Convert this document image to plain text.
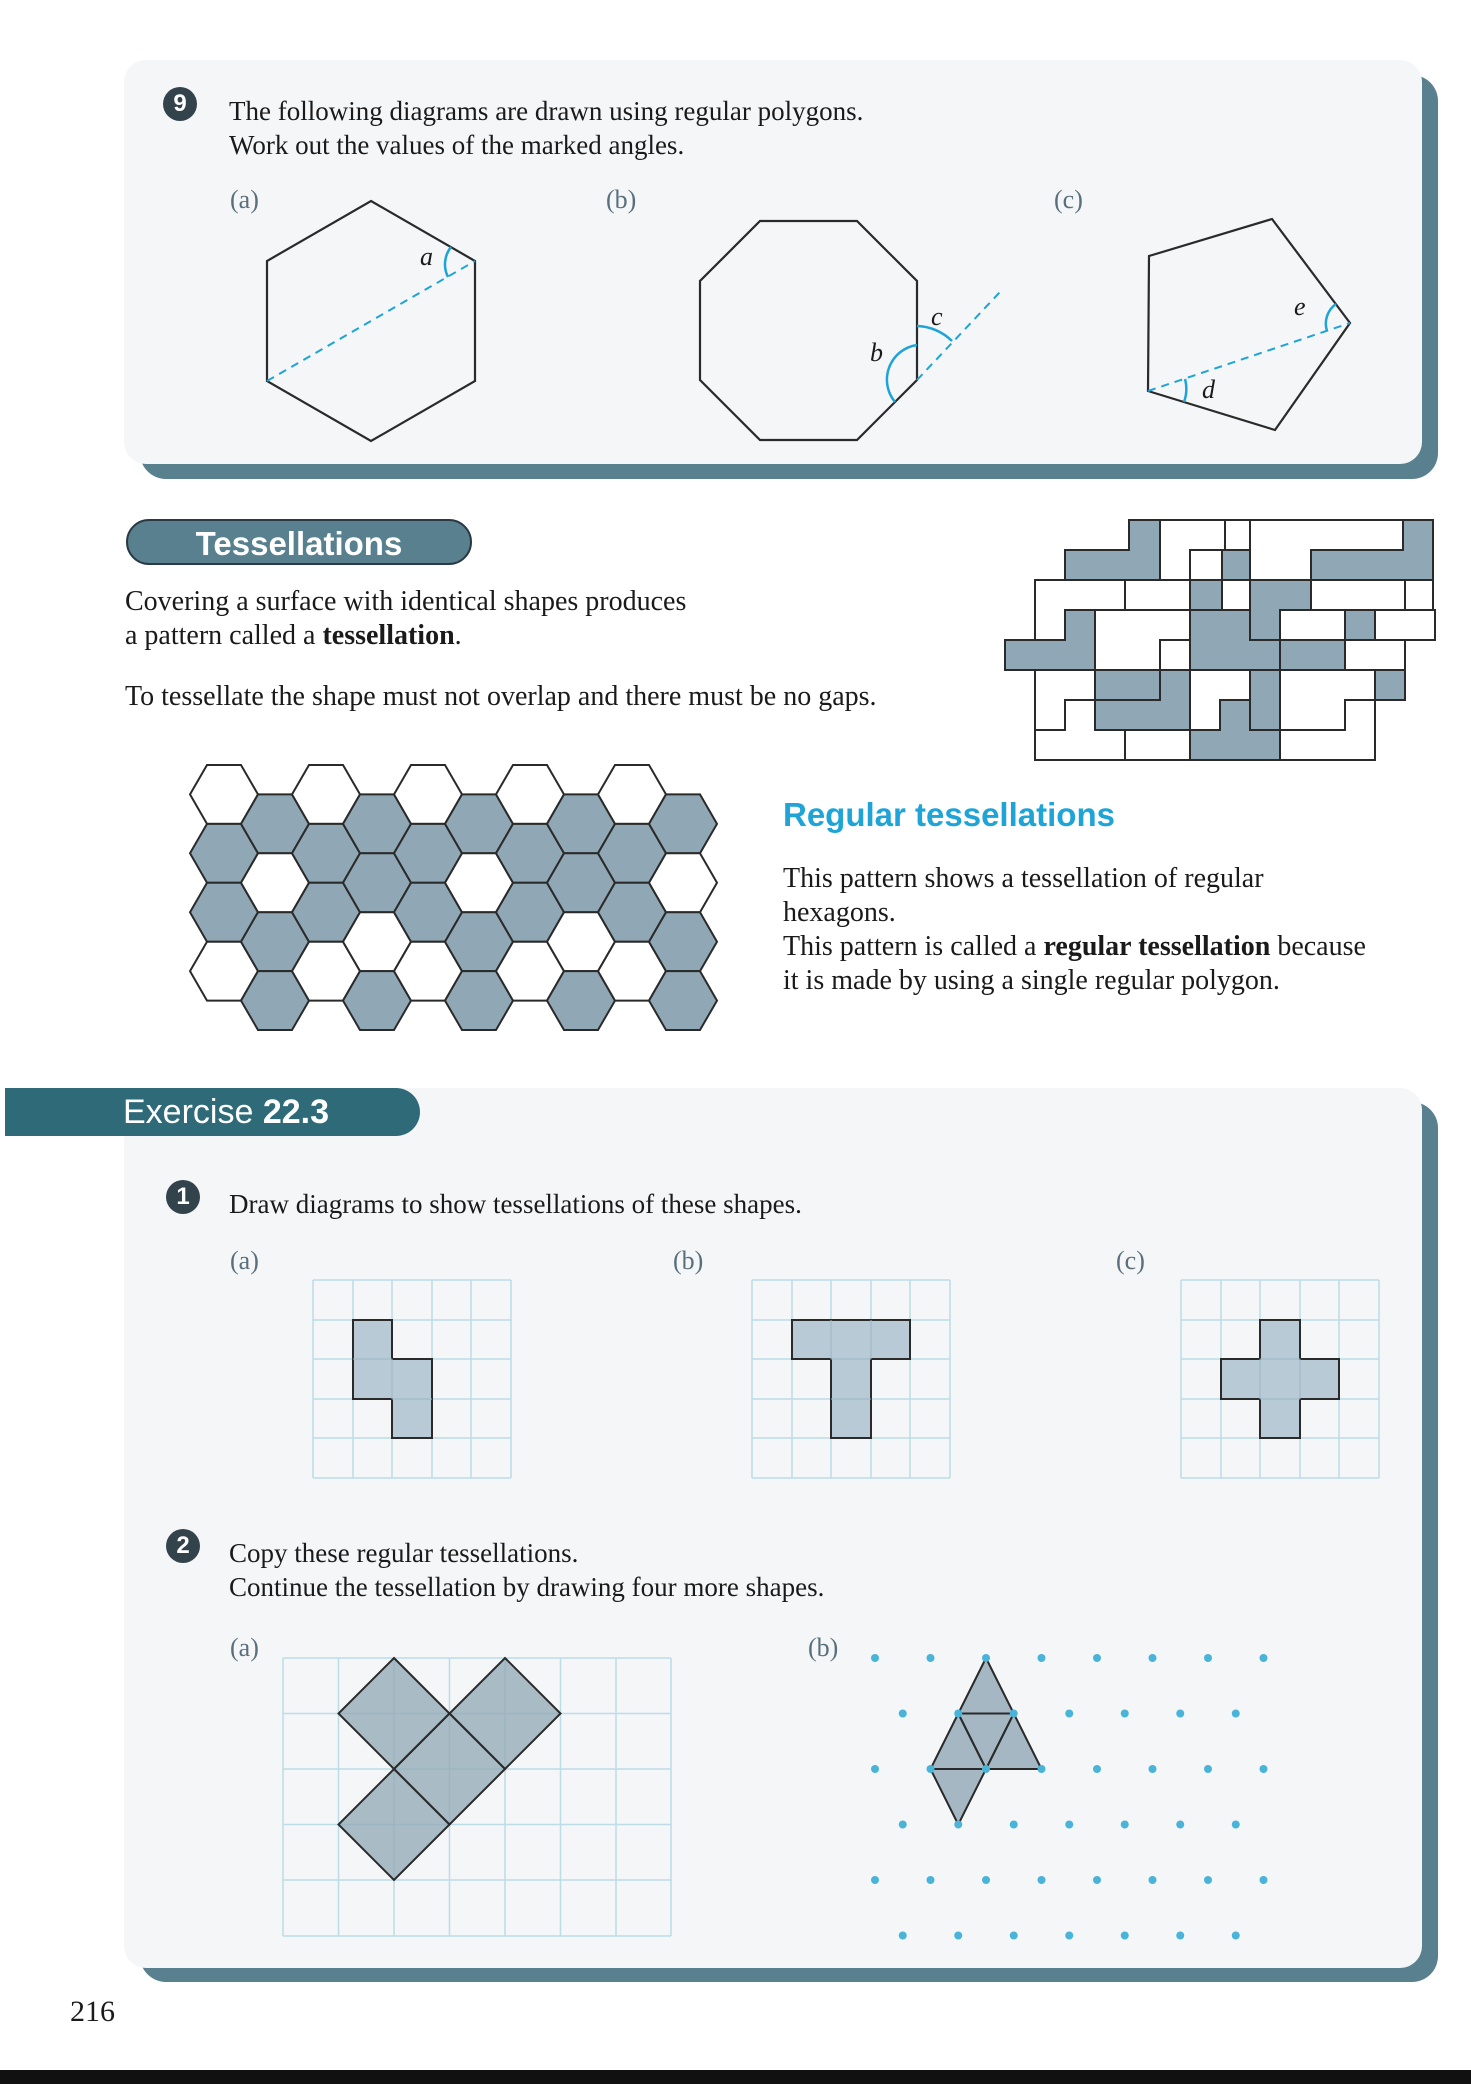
9	The following diagrams are drawn using regular polygons.
Work out the values of the marked angles.
(a)	(b)	(c)
a
b
c	e
d
Tessellations
Covering a surface with identical shapes produces
a pattern called a tessellation.
To tessellate the shape must not overlap and there must be no gaps.
Regular tessellations
This pattern shows a tessellation of regular
hexagons.
This pattern is called a regular tessellation because
it is made by using a single regular polygon.
Exercise 22.3
1	Draw diagrams to show tessellations of these shapes.
(a)	(b)	(c)
2	Copy these regular tessellations.
Continue the tessellation by drawing four more shapes.
(a)	(b)
216
